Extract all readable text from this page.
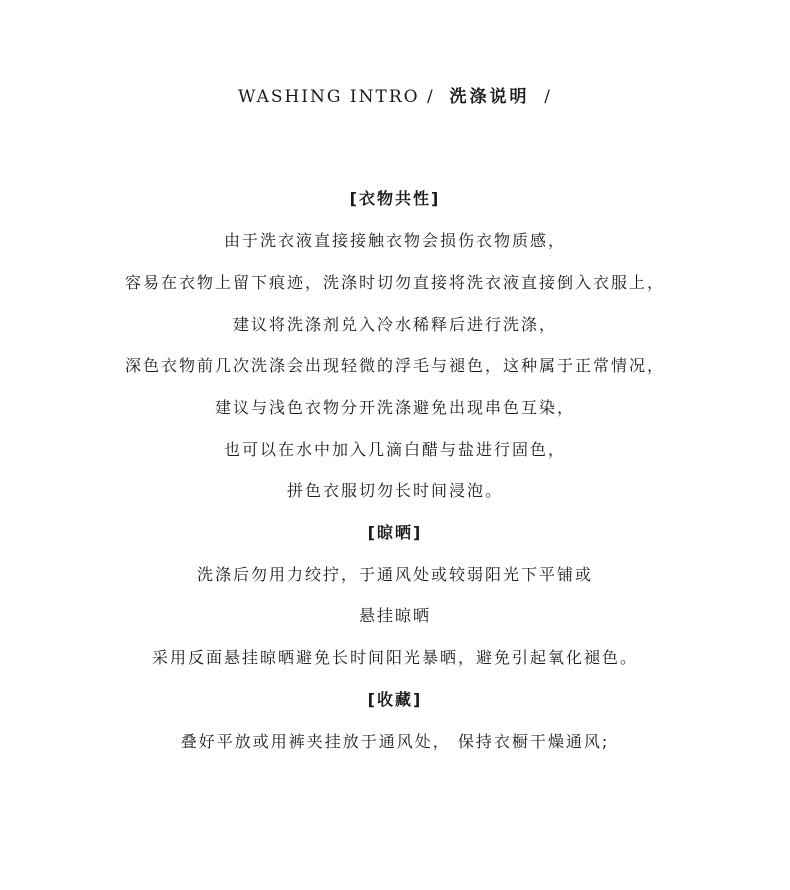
WASHING INTRO /  洗涤说明  /
[衣物共性]
由于洗衣液直接接触衣物会损伤衣物质感，
容易在衣物上留下痕迹，洗涤时切勿直接将洗衣液直接倒入衣服上，
建议将洗涤剂兑入冷水稀释后进行洗涤，
深色衣物前几次洗涤会出现轻微的浮毛与褪色，这种属于正常情况，
建议与浅色衣物分开洗涤避免出现串色互染，
也可以在水中加入几滴白醋与盐进行固色，
拼色衣服切勿长时间浸泡。
[晾晒]
洗涤后勿用力绞拧，于通风处或较弱阳光下平铺或
悬挂晾晒
采用反面悬挂晾晒避免长时间阳光暴晒，避免引起氧化褪色。
[收藏]
叠好平放或用裤夹挂放于通风处， 保持衣橱干燥通风;
